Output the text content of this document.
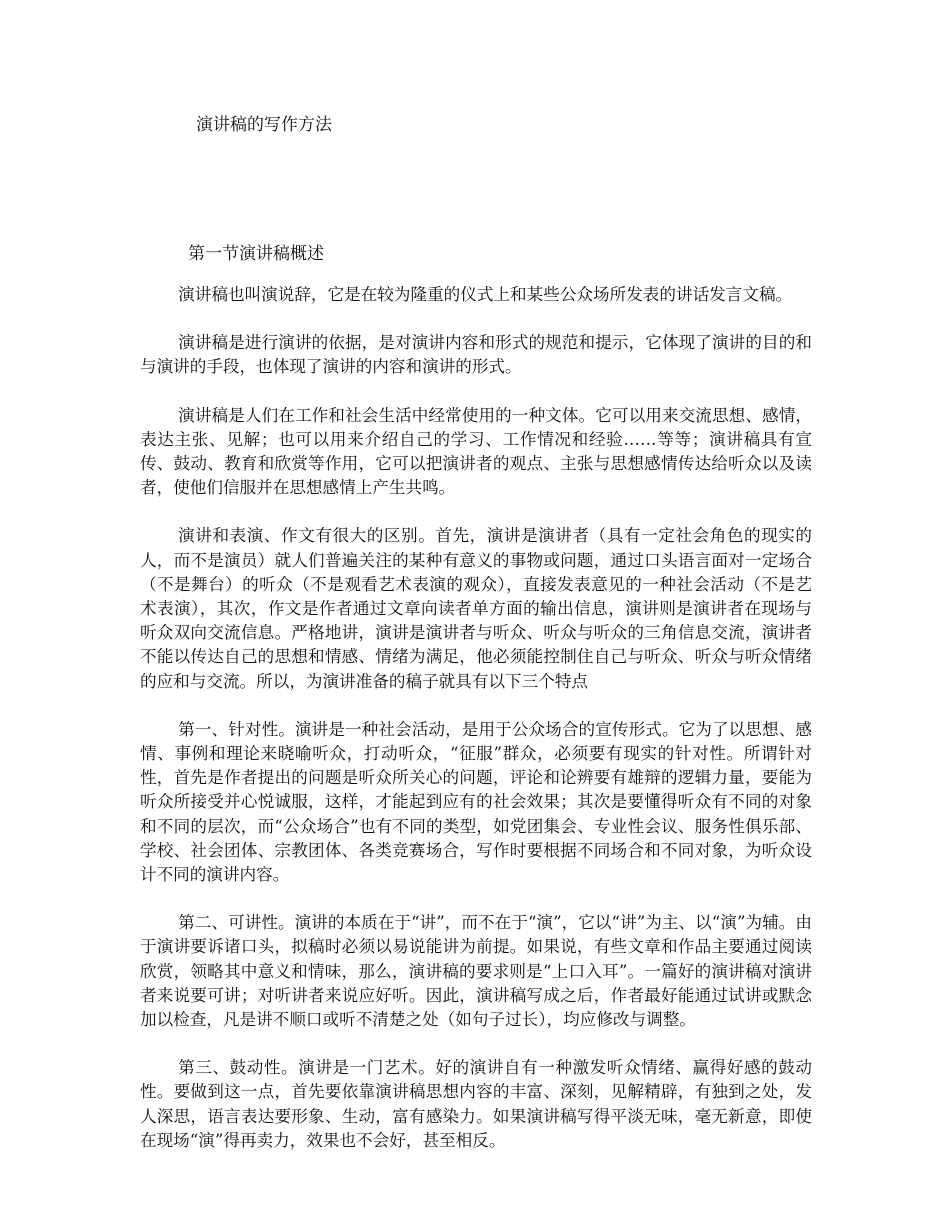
演讲稿的写作方法
第一节演讲稿概述

演讲稿也叫演说辞，它是在较为隆重的仪式上和某些公众场所发表的讲话发言文稿。

演讲稿是进行演讲的依据，是对演讲内容和形式的规范和提示，它体现了演讲的目的和与演讲的手段，也体现了演讲的内容和演讲的形式。

演讲稿是人们在工作和社会生活中经常使用的一种文体。它可以用来交流思想、感情，表达主张、见解；也可以用来介绍自己的学习、工作情况和经验……等等；演讲稿具有宣传、鼓动、教育和欣赏等作用，它可以把演讲者的观点、主张与思想感情传达给听众以及读者，使他们信服并在思想感情上产生共鸣。

演讲和表演、作文有很大的区别。首先，演讲是演讲者（具有一定社会角色的现实的人，而不是演员）就人们普遍关注的某种有意义的事物或问题，通过口头语言面对一定场合（不是舞台）的听众（不是观看艺术表演的观众），直接发表意见的一种社会活动（不是艺术表演），其次，作文是作者通过文章向读者单方面的输出信息，演讲则是演讲者在现场与听众双向交流信息。严格地讲，演讲是演讲者与听众、听众与听众的三角信息交流，演讲者不能以传达自己的思想和情感、情绪为满足，他必须能控制住自己与听众、听众与听众情绪的应和与交流。所以，为演讲准备的稿子就具有以下三个特点

第一、针对性。演讲是一种社会活动，是用于公众场合的宣传形式。它为了以思想、感情、事例和理论来晓喻听众，打动听众，“征服”群众，必须要有现实的针对性。所谓针对性，首先是作者提出的问题是听众所关心的问题，评论和论辨要有雄辩的逻辑力量，要能为听众所接受并心悦诚服，这样，才能起到应有的社会效果；其次是要懂得听众有不同的对象和不同的层次，而“公众场合”也有不同的类型，如党团集会、专业性会议、服务性俱乐部、学校、社会团体、宗教团体、各类竞赛场合，写作时要根据不同场合和不同对象，为听众设计不同的演讲内容。

第二、可讲性。演讲的本质在于“讲”，而不在于“演”，它以“讲”为主、以“演”为辅。由于演讲要诉诸口头，拟稿时必须以易说能讲为前提。如果说，有些文章和作品主要通过阅读欣赏，领略其中意义和情味，那么，演讲稿的要求则是“上口入耳”。一篇好的演讲稿对演讲者来说要可讲；对听讲者来说应好听。因此，演讲稿写成之后，作者最好能通过试讲或默念加以检查，凡是讲不顺口或听不清楚之处（如句子过长），均应修改与调整。

第三、鼓动性。演讲是一门艺术。好的演讲自有一种激发听众情绪、赢得好感的鼓动性。要做到这一点，首先要依靠演讲稿思想内容的丰富、深刻，见解精辟，有独到之处，发人深思，语言表达要形象、生动，富有感染力。如果演讲稿写得平淡无味，毫无新意，即使在现场“演”得再卖力，效果也不会好，甚至相反。
